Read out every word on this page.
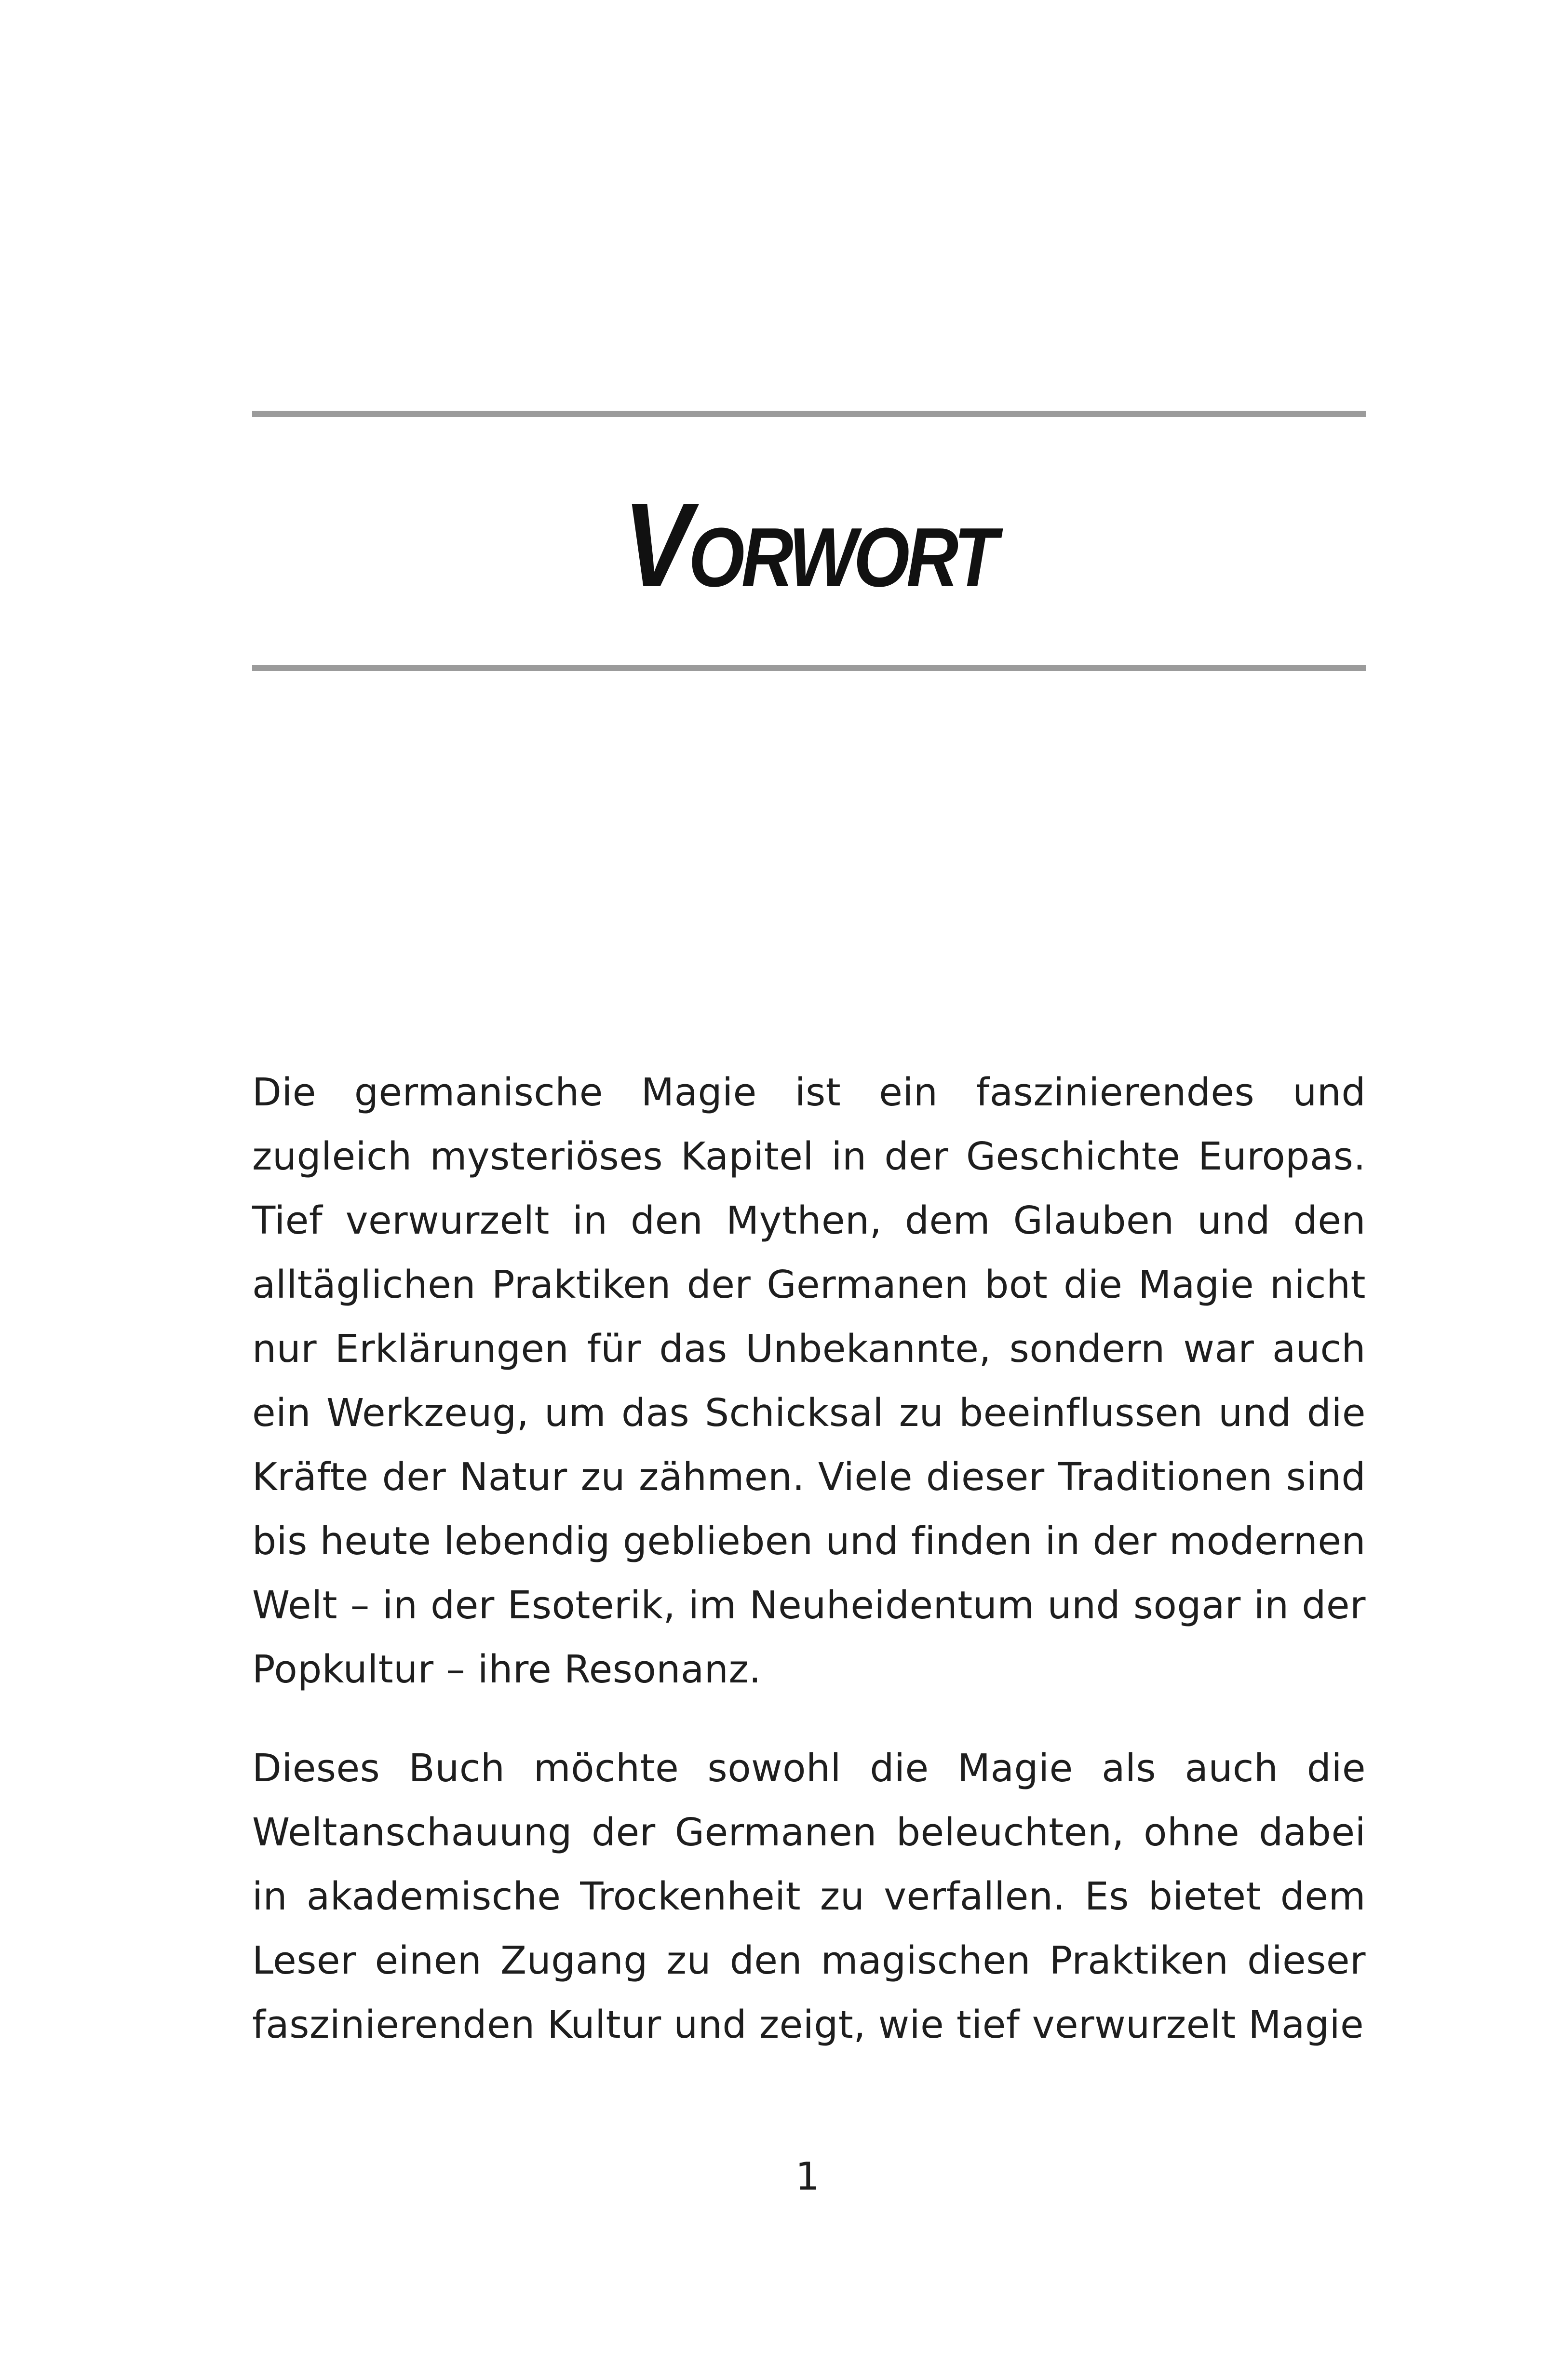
Vorwort

Die germanische Magie ist ein faszinierendes und zugleich mysteriöses Kapitel in der Geschichte Europas. Tief verwurzelt in den Mythen, dem Glauben und den alltäglichen Praktiken der Germanen bot die Magie nicht nur Erklärungen für das Unbekannte, sondern war auch ein Werkzeug, um das Schicksal zu beeinflussen und die Kräfte der Natur zu zähmen. Viele dieser Traditionen sind bis heute lebendig geblieben und finden in der modernen Welt – in der Esoterik, im Neuheidentum und sogar in der Popkultur – ihre Resonanz.

Dieses Buch möchte sowohl die Magie als auch die Weltanschauung der Germanen beleuchten, ohne dabei in akademische Trockenheit zu verfallen. Es bietet dem Leser einen Zugang zu den magischen Praktiken dieser faszinierenden Kultur und zeigt, wie tief verwurzelt Magie

1
